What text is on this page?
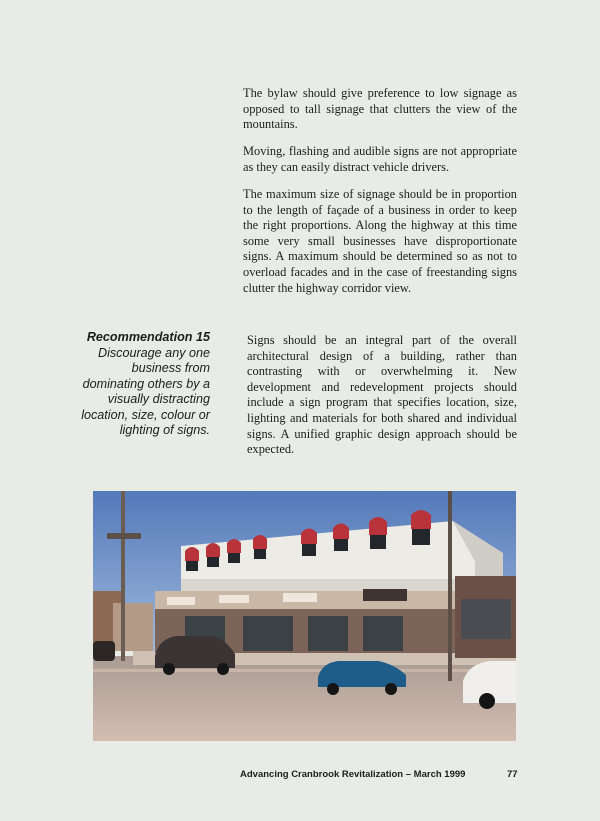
The bylaw should give preference to low signage as opposed to tall signage that clutters the view of the mountains.

Moving, flashing and audible signs are not appropriate as they can easily distract vehicle drivers.

The maximum size of signage should be in proportion to the length of façade of a business in order to keep the right proportions. Along the highway at this time some very small businesses have disproportionate signs. A maximum should be determined so as not to overload facades and in the case of freestanding signs clutter the highway corridor view.

Recommendation 15
Discourage any one business from dominating others by a visually distracting location, size, colour or lighting of signs.

Signs should be an integral part of the overall architectural design of a building, rather than contrasting with or overwhelming it. New development and redevelopment projects should include a sign program that specifies location, size, lighting and materials for both shared and individual signs. A unified graphic design approach should be expected.

Advancing Cranbrook Revitalization – March 1999	77
